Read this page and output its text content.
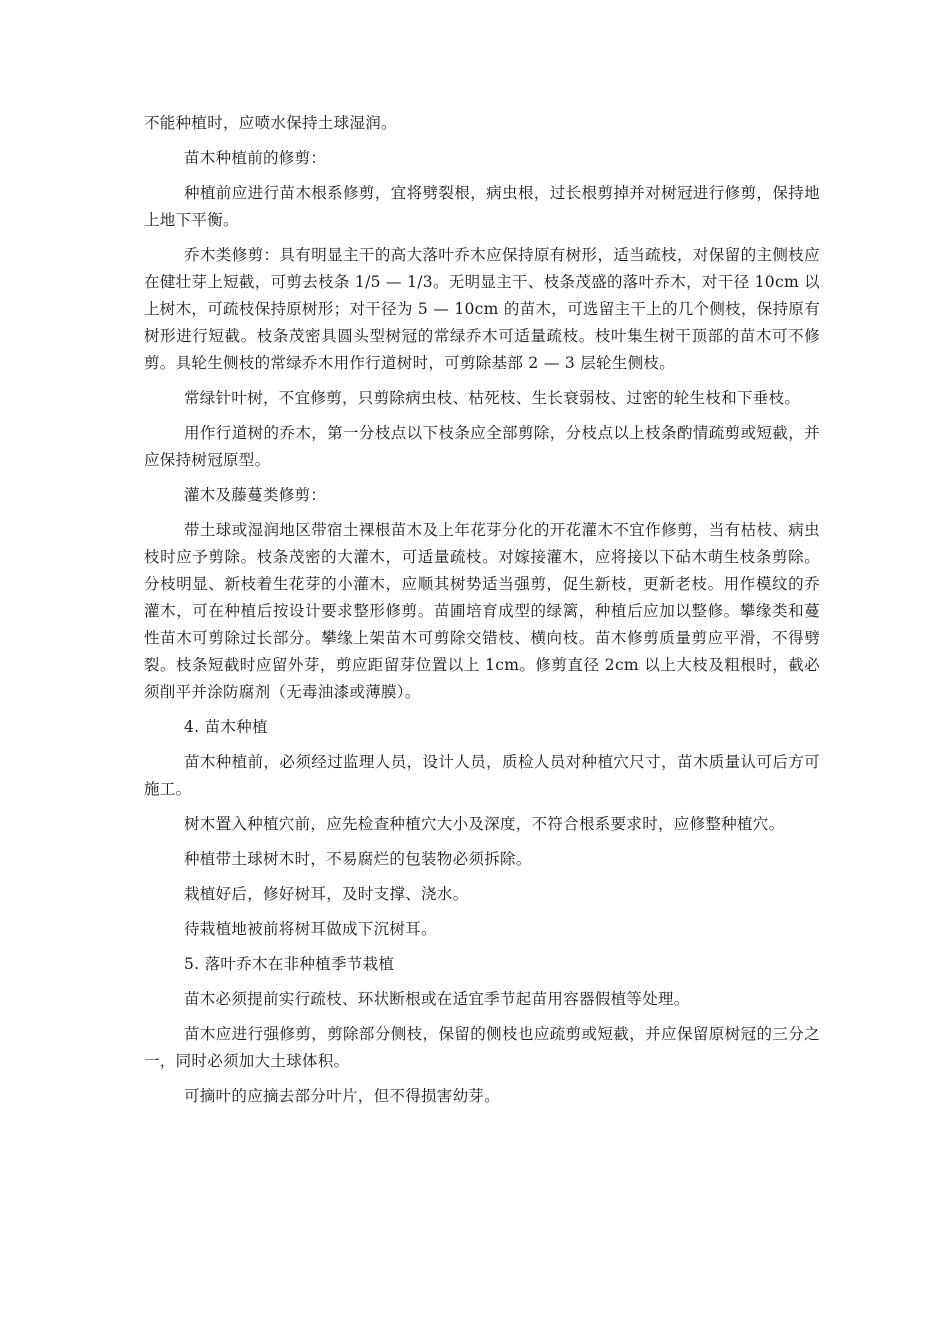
不能种植时，应喷水保持土球湿润。

苗木种植前的修剪：

种植前应进行苗木根系修剪，宜将劈裂根，病虫根，过长根剪掉并对树冠进行修剪，保持地上地下平衡。

乔木类修剪：具有明显主干的高大落叶乔木应保持原有树形，适当疏枝，对保留的主侧枝应在健壮芽上短截，可剪去枝条 1/5 — 1/3。无明显主干、枝条茂盛的落叶乔木，对干径 10cm 以上树木，可疏枝保持原树形；对干径为 5 — 10cm 的苗木，可选留主干上的几个侧枝，保持原有树形进行短截。枝条茂密具圆头型树冠的常绿乔木可适量疏枝。枝叶集生树干顶部的苗木可不修剪。具轮生侧枝的常绿乔木用作行道树时，可剪除基部 2 — 3 层轮生侧枝。

常绿针叶树，不宜修剪，只剪除病虫枝、枯死枝、生长衰弱枝、过密的轮生枝和下垂枝。

用作行道树的乔木，第一分枝点以下枝条应全部剪除，分枝点以上枝条酌情疏剪或短截，并应保持树冠原型。

灌木及藤蔓类修剪：

带土球或湿润地区带宿土裸根苗木及上年花芽分化的开花灌木不宜作修剪，当有枯枝、病虫枝时应予剪除。枝条茂密的大灌木，可适量疏枝。对嫁接灌木，应将接以下砧木萌生枝条剪除。分枝明显、新枝着生花芽的小灌木，应顺其树势适当强剪，促生新枝，更新老枝。用作模纹的乔灌木，可在种植后按设计要求整形修剪。苗圃培育成型的绿篱，种植后应加以整修。攀缘类和蔓性苗木可剪除过长部分。攀缘上架苗木可剪除交错枝、横向枝。苗木修剪质量剪应平滑，不得劈裂。枝条短截时应留外芽，剪应距留芽位置以上 1cm。修剪直径 2cm 以上大枝及粗根时，截必须削平并涂防腐剂（无毒油漆或薄膜）。

4. 苗木种植

苗木种植前，必须经过监理人员，设计人员，质检人员对种植穴尺寸，苗木质量认可后方可施工。

树木置入种植穴前，应先检查种植穴大小及深度，不符合根系要求时，应修整种植穴。

种植带土球树木时，不易腐烂的包装物必须拆除。

栽植好后，修好树耳，及时支撑、浇水。

待栽植地被前将树耳做成下沉树耳。

5. 落叶乔木在非种植季节栽植

苗木必须提前实行疏枝、环状断根或在适宜季节起苗用容器假植等处理。

苗木应进行强修剪，剪除部分侧枝，保留的侧枝也应疏剪或短截，并应保留原树冠的三分之一，同时必须加大土球体积。

可摘叶的应摘去部分叶片，但不得损害幼芽。
